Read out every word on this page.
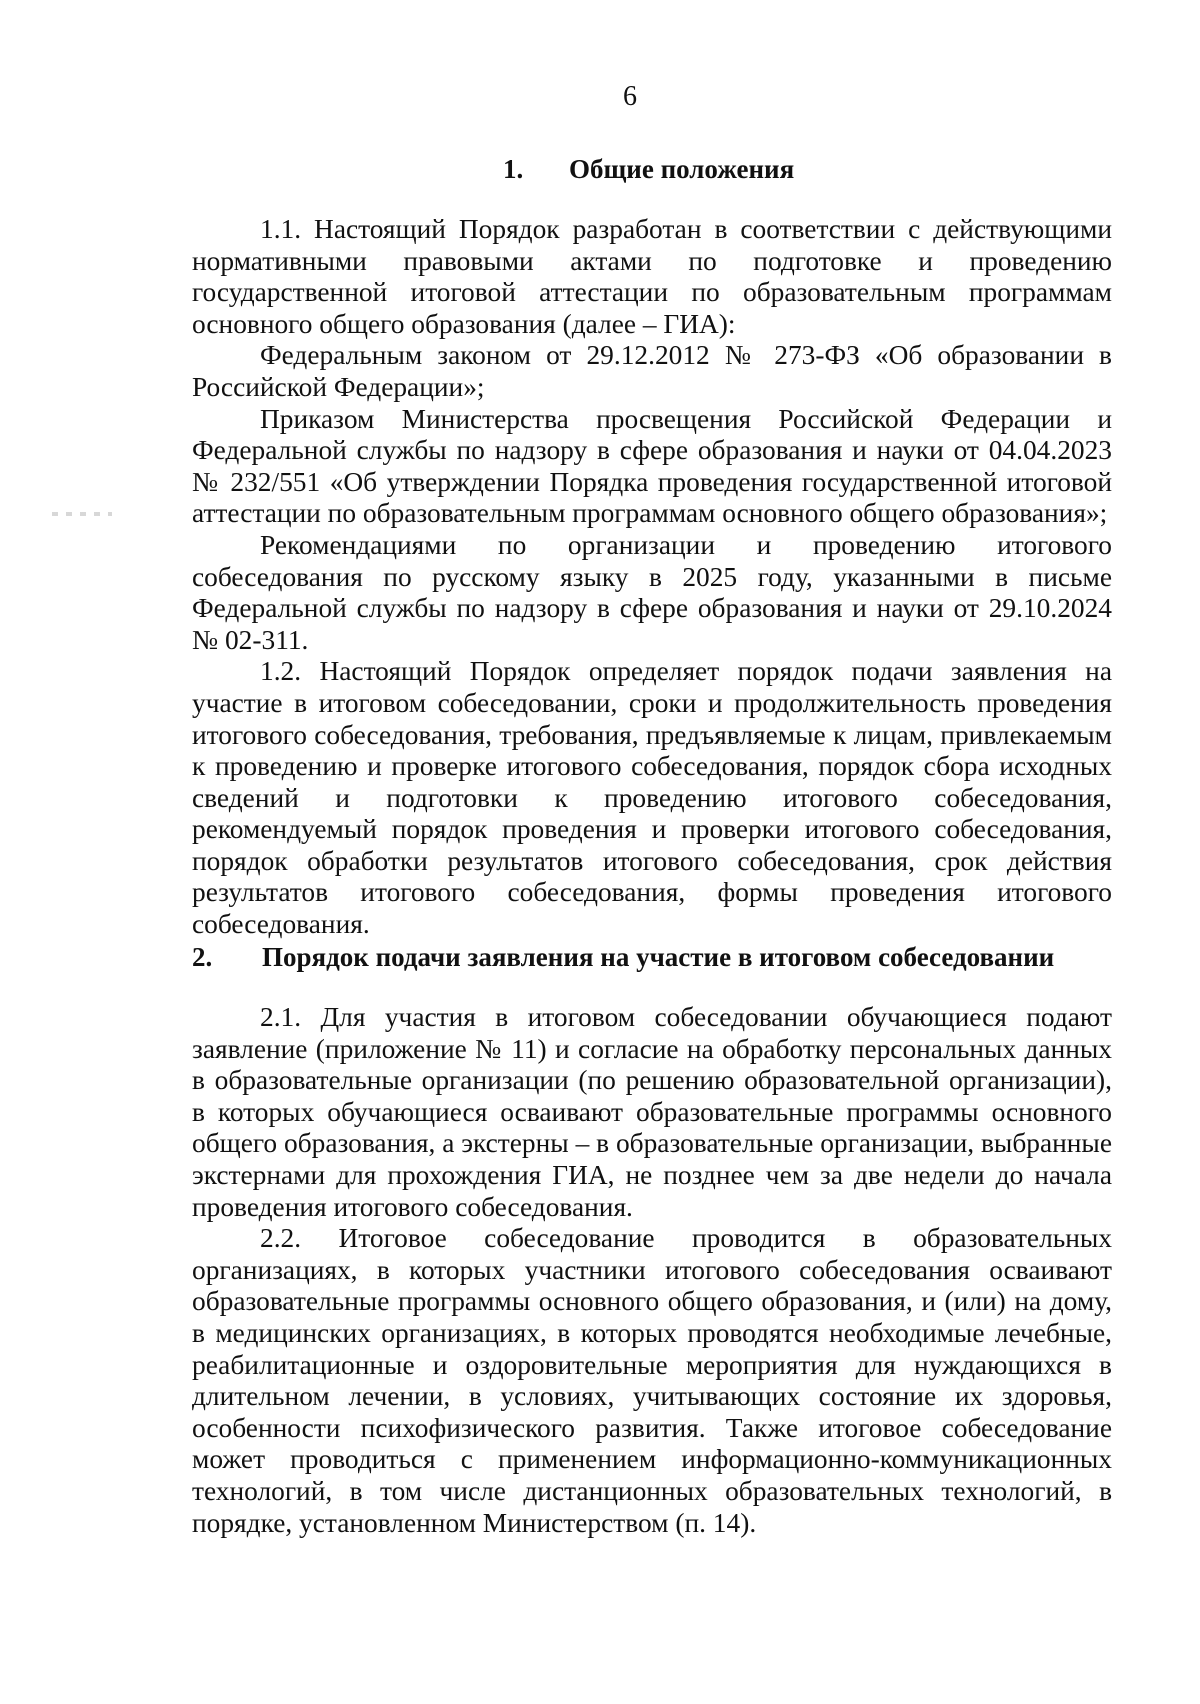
6
1. Общие положения

1.1. Настоящий Порядок разработан в соответствии с действующими нормативными правовыми актами по подготовке и проведению государственной итоговой аттестации по образовательным программам основного общего образования (далее – ГИА):

Федеральным законом от 29.12.2012 № 273-ФЗ «Об образовании в Российской Федерации»;

Приказом Министерства просвещения Российской Федерации и Федеральной службы по надзору в сфере образования и науки от 04.04.2023 № 232/551 «Об утверждении Порядка проведения государственной итоговой аттестации по образовательным программам основного общего образования»;

Рекомендациями по организации и проведению итогового собеседования по русскому языку в 2025 году, указанными в письме Федеральной службы по надзору в сфере образования и науки от 29.10.2024 № 02-311.

1.2. Настоящий Порядок определяет порядок подачи заявления на участие в итоговом собеседовании, сроки и продолжительность проведения итогового собеседования, требования, предъявляемые к лицам, привлекаемым к проведению и проверке итогового собеседования, порядок сбора исходных сведений и подготовки к проведению итогового собеседования, рекомендуемый порядок проведения и проверки итогового собеседования, порядок обработки результатов итогового собеседования, срок действия результатов итогового собеседования, формы проведения итогового собеседования.

2. Порядок подачи заявления на участие в итоговом собеседовании

2.1. Для участия в итоговом собеседовании обучающиеся подают заявление (приложение № 11) и согласие на обработку персональных данных в образовательные организации (по решению образовательной организации), в которых обучающиеся осваивают образовательные программы основного общего образования, а экстерны – в образовательные организации, выбранные экстернами для прохождения ГИА, не позднее чем за две недели до начала проведения итогового собеседования.

2.2. Итоговое собеседование проводится в образовательных организациях, в которых участники итогового собеседования осваивают образовательные программы основного общего образования, и (или) на дому, в медицинских организациях, в которых проводятся необходимые лечебные, реабилитационные и оздоровительные мероприятия для нуждающихся в длительном лечении, в условиях, учитывающих состояние их здоровья, особенности психофизического развития. Также итоговое собеседование может проводиться с применением информационно-коммуникационных технологий, в том числе дистанционных образовательных технологий, в порядке, установленном Министерством (п. 14).
